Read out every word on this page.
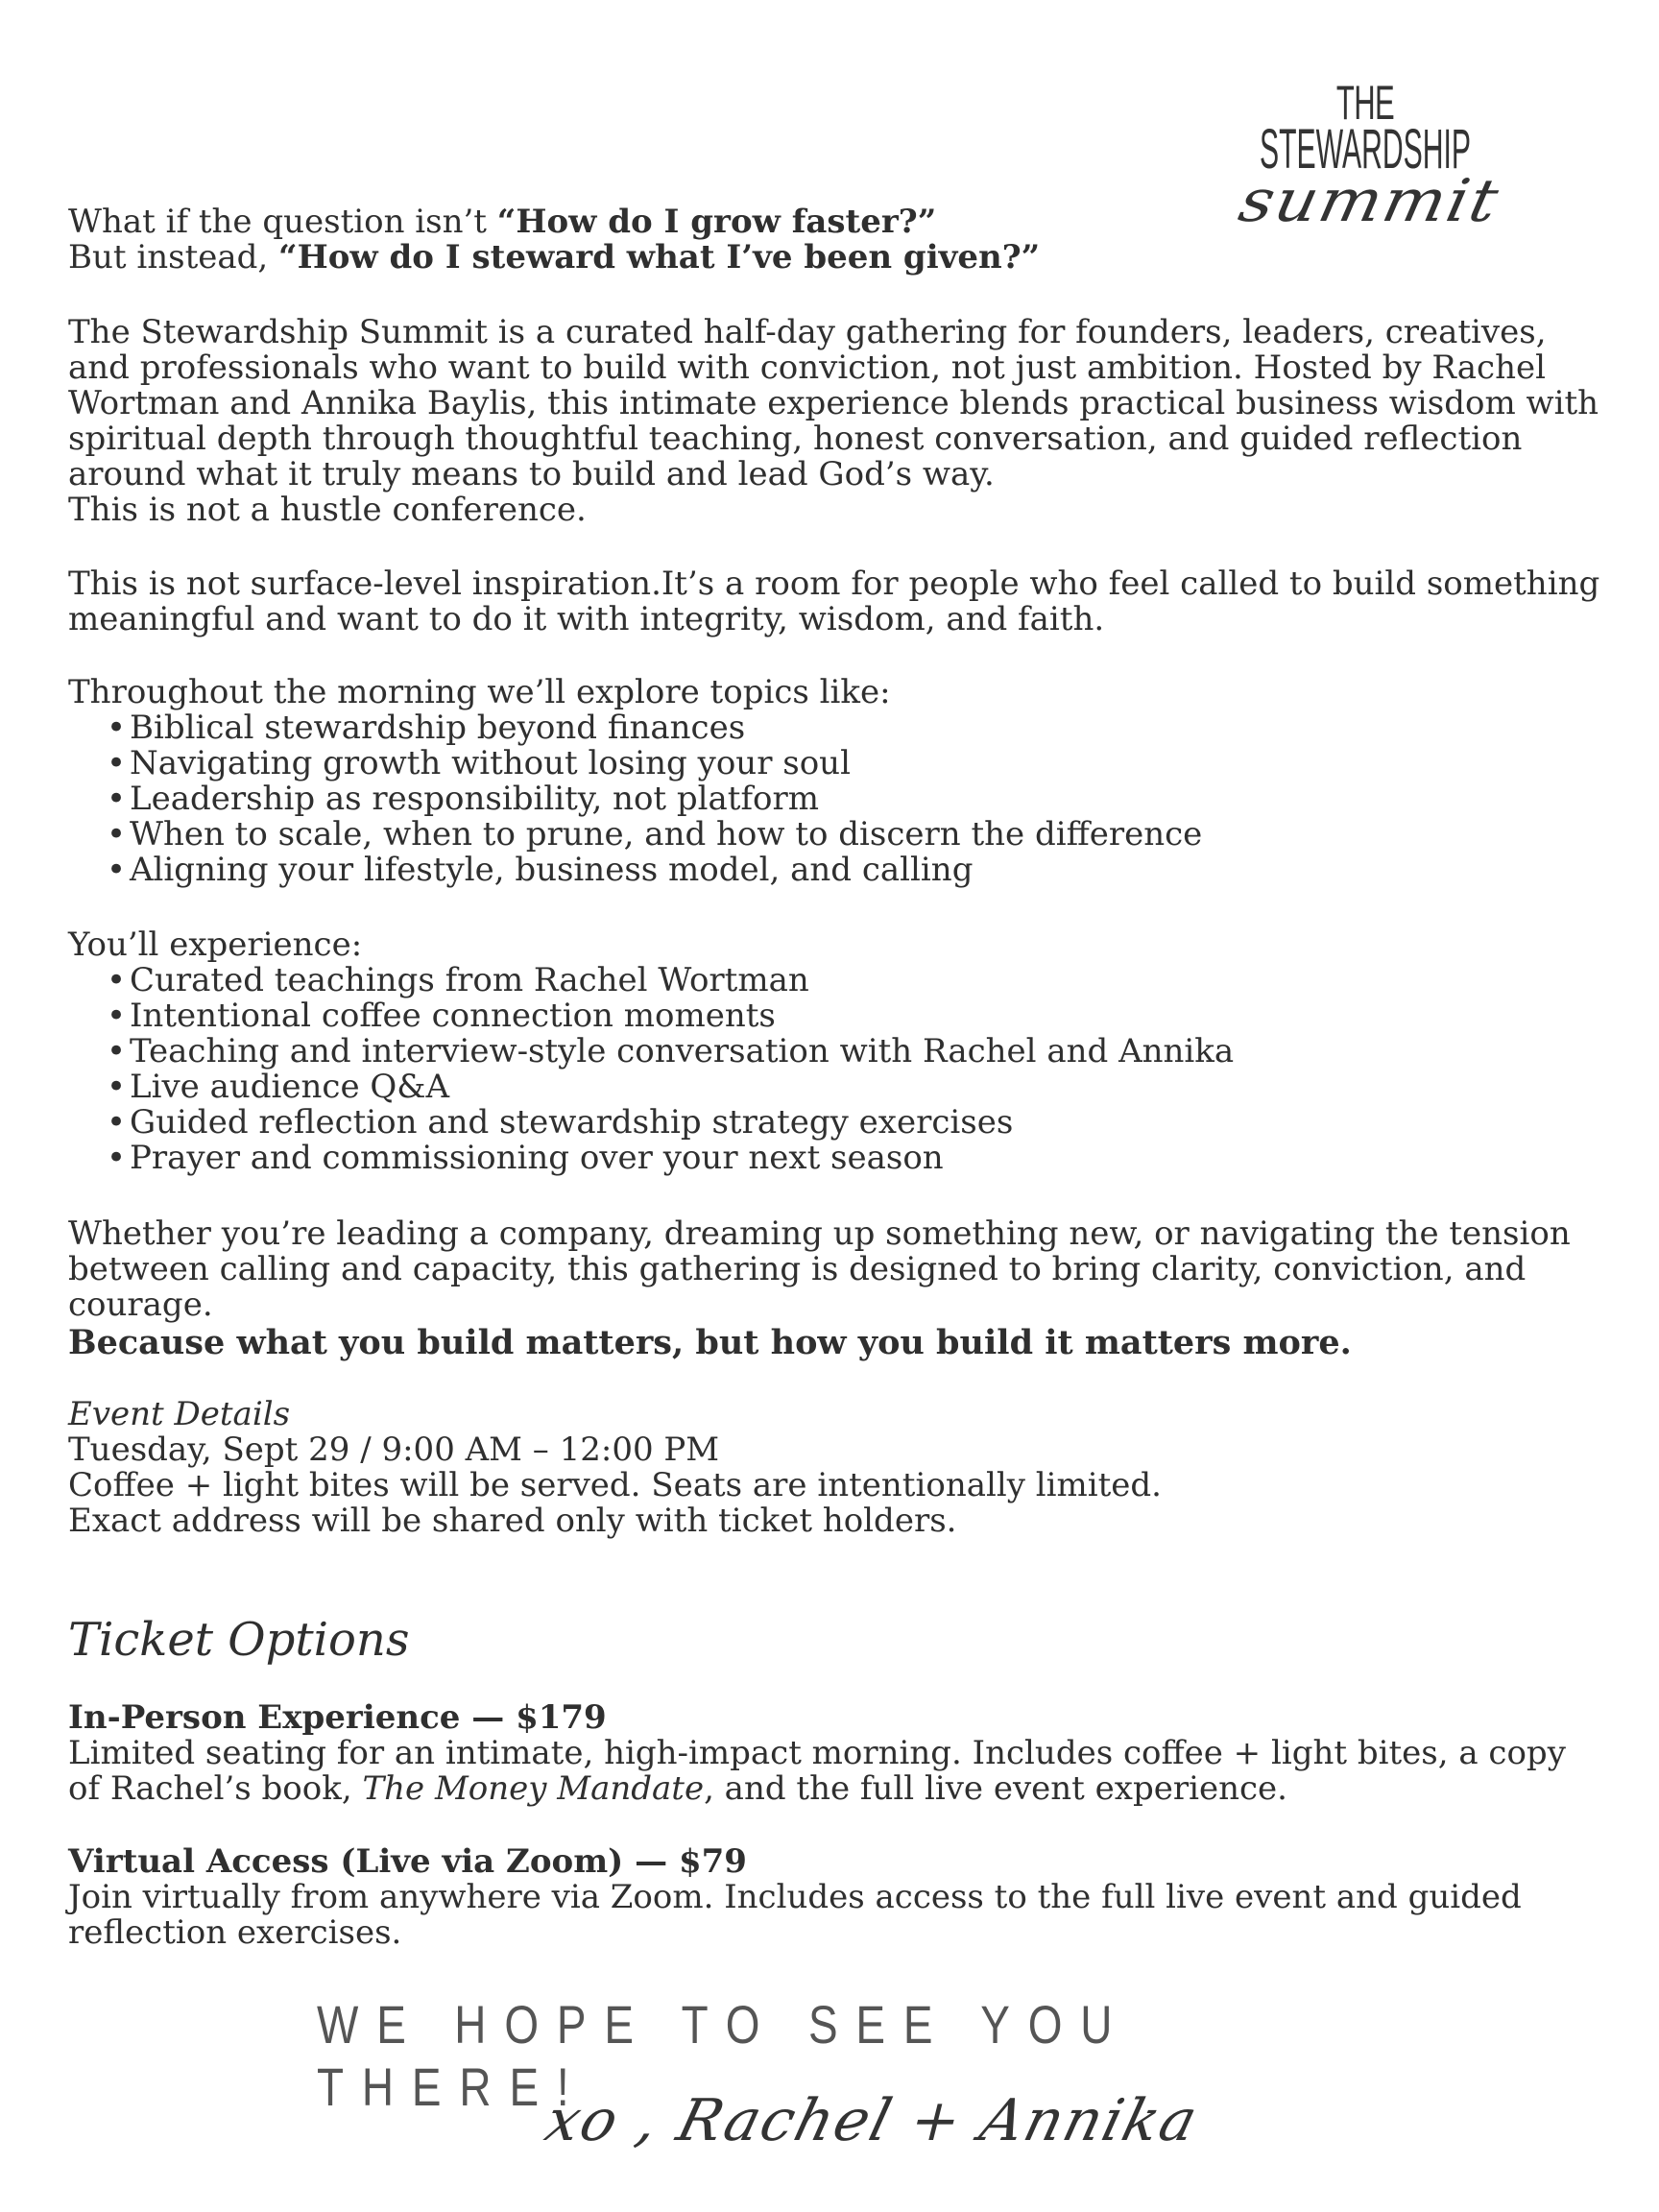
THE
STEWARDSHIP
summit

What if the question isn’t “How do I grow faster?”

But instead, “How do I steward what I’ve been given?”

The Stewardship Summit is a curated half-day gathering for founders, leaders, creatives, and professionals who want to build with conviction, not just ambition. Hosted by Rachel Wortman and Annika Baylis, this intimate experience blends practical business wisdom with spiritual depth through thoughtful teaching, honest conversation, and guided reflection around what it truly means to build and lead God’s way.

This is not a hustle conference.

This is not surface-level inspiration.It’s a room for people who feel called to build something meaningful and want to do it with integrity, wisdom, and faith.

Throughout the morning we’ll explore topics like:

• Biblical stewardship beyond finances
• Navigating growth without losing your soul
• Leadership as responsibility, not platform
• When to scale, when to prune, and how to discern the difference
• Aligning your lifestyle, business model, and calling

You’ll experience:

• Curated teachings from Rachel Wortman
• Intentional coffee connection moments
• Teaching and interview-style conversation with Rachel and Annika
• Live audience Q&A
• Guided reflection and stewardship strategy exercises
• Prayer and commissioning over your next season

Whether you’re leading a company, dreaming up something new, or navigating the tension between calling and capacity, this gathering is designed to bring clarity, conviction, and courage.

Because what you build matters, but how you build it matters more.

Event Details

Tuesday, Sept 29 / 9:00 AM – 12:00 PM

Coffee + light bites will be served. Seats are intentionally limited.

Exact address will be shared only with ticket holders.

Ticket Options

In-Person Experience — $179

Limited seating for an intimate, high-impact morning. Includes coffee + light bites, a copy of Rachel’s book, The Money Mandate, and the full live event experience.

Virtual Access (Live via Zoom) — $79

Join virtually from anywhere via Zoom. Includes access to the full live event and guided reflection exercises.

WE HOPE TO SEE YOU THERE!
xo , Rachel + Annika
